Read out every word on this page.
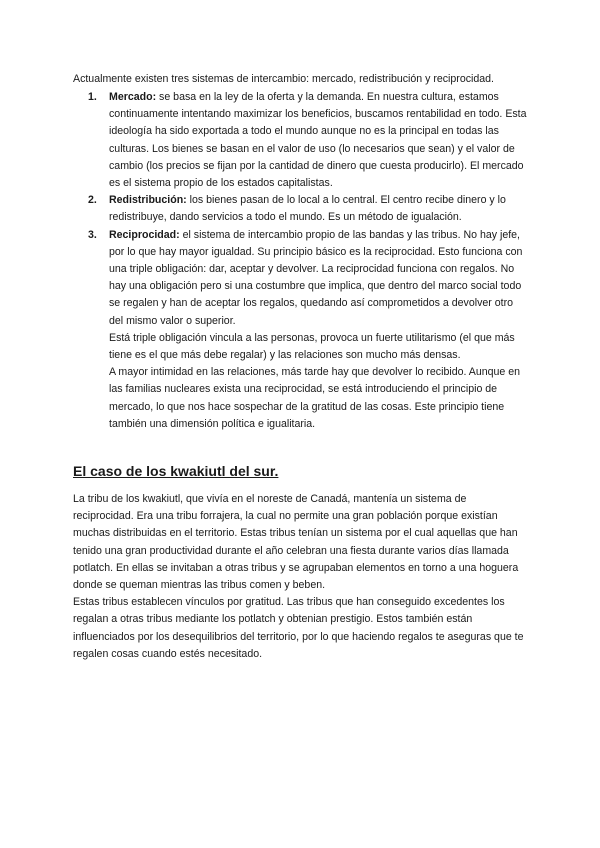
Actualmente existen tres sistemas de intercambio: mercado, redistribución y reciprocidad.
1. Mercado: se basa en la ley de la oferta y la demanda. En nuestra cultura, estamos continuamente intentando maximizar los beneficios, buscamos rentabilidad en todo. Esta ideología ha sido exportada a todo el mundo aunque no es la principal en todas las culturas. Los bienes se basan en el valor de uso (lo necesarios que sean) y el valor de cambio (los precios se fijan por la cantidad de dinero que cuesta producirlo). El mercado es el sistema propio de los estados capitalistas.

2. Redistribución: los bienes pasan de lo local a lo central. El centro recibe dinero y lo redistribuye, dando servicios a todo el mundo. Es un método de igualación.

3. Reciprocidad: el sistema de intercambio propio de las bandas y las tribus. No hay jefe, por lo que hay mayor igualdad. Su principio básico es la reciprocidad. Esto funciona con una triple obligación: dar, aceptar y devolver. La reciprocidad funciona con regalos. No hay una obligación pero si una costumbre que implica, que dentro del marco social todo se regalen y han de aceptar los regalos, quedando así comprometidos a devolver otro del mismo valor o superior.

Está triple obligación vincula a las personas, provoca un fuerte utilitarismo (el que más tiene es el que más debe regalar) y las relaciones son mucho más densas.

A mayor intimidad en las relaciones, más tarde hay que devolver lo recibido. Aunque en las familias nucleares exista una reciprocidad, se está introduciendo el principio de mercado, lo que nos hace sospechar de la gratitud de las cosas. Este principio tiene también una dimensión política e igualitaria.

El caso de los kwakiutl del sur.

La tribu de los kwakiutl, que vivía en el noreste de Canadá, mantenía un sistema de reciprocidad. Era una tribu forrajera, la cual no permite una gran población porque existían muchas distribuidas en el territorio. Estas tribus tenían un sistema por el cual aquellas que han tenido una gran productividad durante el año celebran una fiesta durante varios días llamada potlatch. En ellas se invitaban a otras tribus y se agrupaban elementos en torno a una hoguera donde se queman mientras las tribus comen y beben.

Estas tribus establecen vínculos por gratitud. Las tribus que han conseguido excedentes los regalan a otras tribus mediante los potlatch y obtenian prestigio. Estos también están influenciados por los desequilibrios del territorio, por lo que haciendo regalos te aseguras que te regalen cosas cuando estés necesitado.
